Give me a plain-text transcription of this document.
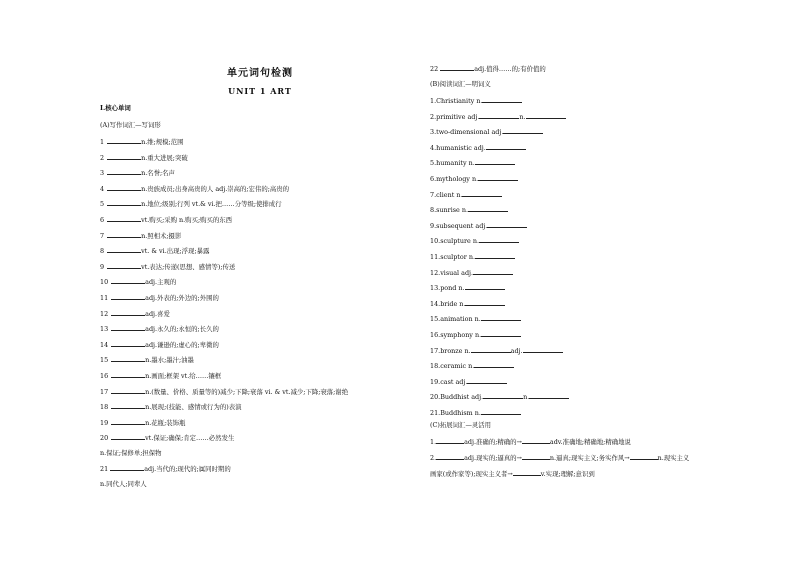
单元词句检测
UNIT 1 ART
Ⅰ.核心单词
(A)写作词汇—写词形
1	n.维;规模;范围
2	n.重大进展;突破
3	n.名誉;名声
4	n.贵族成员;出身高贵的人 adj.崇高的;宏伟的;高贵的
5	n.地位;级别;行列 vt.& vi.把……分等级;使排成行
6	vt.购买;采购 n.购买;购买的东西
7	n.照相术;摄影
8	vt. & vi.出现;浮现;暴露
9	vt.表达;传递(思想、感情等);传送
10	adj.主观的
11	adj.外表的;外边的;外围的
12	adj.喜爱
13	adj.永久的;永恒的;长久的
14	adj.谦逊的;虚心的;卑微的
15	n.墨水;墨汁;油墨
16	n.画面;框架 vt.给……镶框
17	n.(数量、价格、质量等的)减少;下降;衰落 vi. & vt.减少;下降;衰落;谢绝
18	n.展现;(技能、感情或行为的)表演
19	n.花瓶;装饰瓶
20	vt.保证;确保;肯定……必然发生
n.保证;保修单;担保物
21	adj.当代的;现代的;属同时期的
n.同代人;同辈人
22	adj.值得……的;有价值的
(B)阅读词汇—明词义
1.Christianity n.
2.primitive adj.	n.
3.two-dimensional adj.
4.humanistic adj.
5.humanity n.
6.mythology n.
7.client n.
8.sunrise n.
9.subsequent adj.
10.sculpture n.
11.sculptor n.
12.visual adj.
13.pond n.
14.bride n.
15.animation n.
16.symphony n.
17.bronze n.	adj.
18.ceramic n.
19.cast adj.
20.Buddhist adj.	n.
21.Buddhism n.
(C)拓展词汇—灵活用
1.	adj.准确的;精确的→	adv.准确地;精确地;精确地说
2.	adj.现实的;逼真的→	n.逼真;现实主义;务实作风→	n.现实主义
画家(或作家等);现实主义者→	v.实现;理解;意识到
